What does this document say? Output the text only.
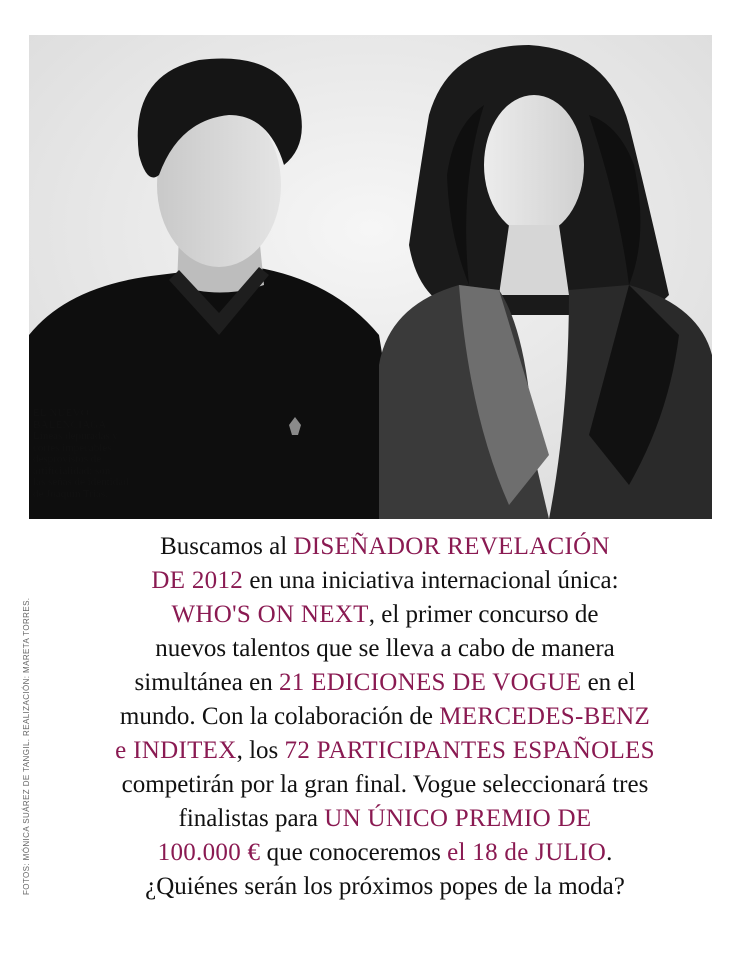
EL NUEVO
BALENCIAGA
Líneas depuradas y
cortes impecables
desprovistos de
artificialidad; son
las señas de identidad
de Joaquín Trias.
FOTOS: MÓNICA SUÁREZ DE TANGIL. REALIZACIÓN: MARETA TORRES.
Buscamos al DISEÑADOR REVELACIÓN
DE 2012 en una iniciativa internacional única:
WHO'S ON NEXT, el primer concurso de
nuevos talentos que se lleva a cabo de manera
simultánea en 21 EDICIONES DE VOGUE en el
mundo. Con la colaboración de MERCEDES-BENZ
e INDITEX, los 72 PARTICIPANTES ESPAÑOLES
competirán por la gran final. Vogue seleccionará tres
finalistas para UN ÚNICO PREMIO DE
100.000 € que conoceremos el 18 de JULIO.
¿Quiénes serán los próximos popes de la moda?
